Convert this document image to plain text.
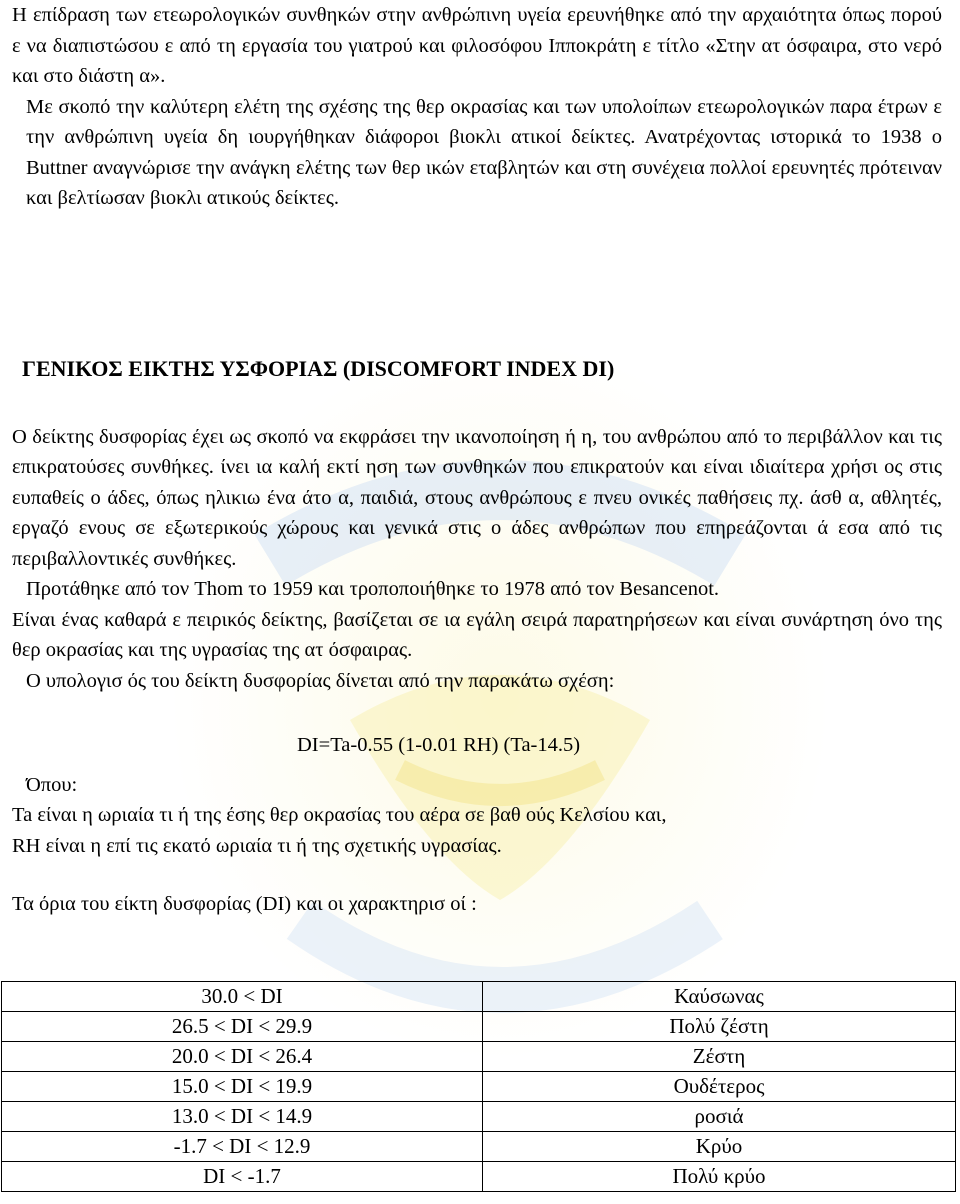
Η επίδραση των ετεωρολογικών συνθηκών στην ανθρώπινη υγεία ερευνήθηκε από την αρχαιότητα όπως πορού ε να διαπιστώσου ε από τη εργασία του γιατρού και φιλοσόφου Ιπποκράτη ε τίτλο «Στην ατ όσφαιρα, στο νερό και στο διάστη α».

Με σκοπό την καλύτερη ελέτη της σχέσης της θερ οκρασίας και των υπολοίπων ετεωρολογικών παρα έτρων ε την ανθρώπινη υγεία δη ιουργήθηκαν διάφοροι βιοκλι ατικοί δείκτες. Ανατρέχοντας ιστορικά το 1938 ο Buttner αναγνώρισε την ανάγκη ελέτης των θερ ικών εταβλητών και στη συνέχεια πολλοί ερευνητές πρότειναν και βελτίωσαν βιοκλι ατικούς δείκτες.

ΓΕΝΙΚΟΣ ΕΙΚΤΗΣ ΥΣΦΟΡΙΑΣ (DISCOMFORT INDEX DI)

Ο δείκτης δυσφορίας έχει ως σκοπό να εκφράσει την ικανοποίηση ή η, του ανθρώπου από το περιβάλλον και τις επικρατούσες συνθήκες. ίνει ια καλή εκτί ηση των συνθηκών που επικρατούν και είναι ιδιαίτερα χρήσι ος στις ευπαθείς ο άδες, όπως ηλικιω ένα άτο α, παιδιά, στους ανθρώπους ε πνευ ονικές παθήσεις πχ. άσθ α, αθλητές, εργαζό ενους σε εξωτερικούς χώρους και γενικά στις ο άδες ανθρώπων που επηρεάζονται ά εσα από τις περιβαλλοντικές συνθήκες.

Προτάθηκε από τον Thom το 1959 και τροποποιήθηκε το 1978 από τον Besancenot.

Είναι ένας καθαρά ε πειρικός δείκτης, βασίζεται σε ια εγάλη σειρά παρατηρήσεων και είναι συνάρτηση όνο της θερ οκρασίας και της υγρασίας της ατ όσφαιρας.

Ο υπολογισ ός του δείκτη δυσφορίας δίνεται από την παρακάτω σχέση:

DI=Ta-0.55 (1-0.01 RH) (Ta-14.5)
Όπου:
Ta είναι η ωριαία τι ή της έσης θερ οκρασίας του αέρα σε βαθ ούς Κελσίου και,
RH είναι η επί τις εκατό ωριαία τι ή της σχετικής υγρασίας.
Τα όρια του είκτη δυσφορίας (DI) και οι χαρακτηρισ οί :
30.0 < DI	Καύσωνας
26.5 < DI < 29.9	Πολύ ζέστη
20.0 < DI < 26.4	Ζέστη
15.0 < DI < 19.9	Ουδέτερος
13.0 < DI < 14.9	ροσιά
-1.7 < DI < 12.9	Κρύο
DI < -1.7	Πολύ κρύο
